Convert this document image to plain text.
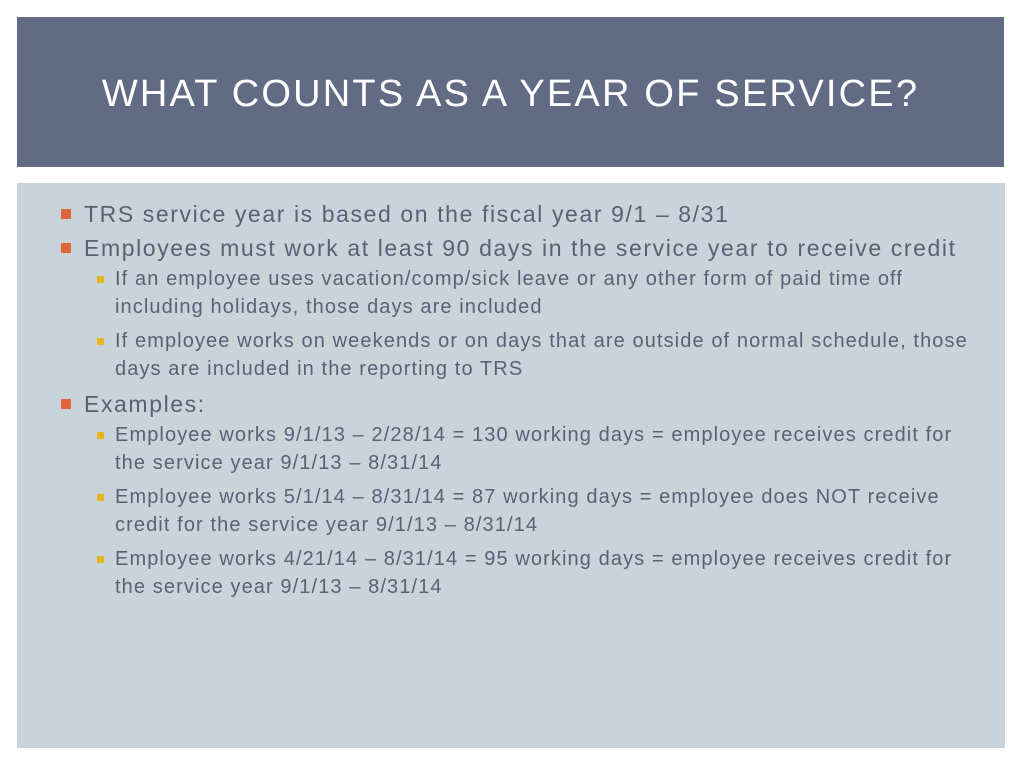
WHAT COUNTS AS A YEAR OF SERVICE?
TRS service year is based on the fiscal year 9/1 – 8/31
Employees must work at least 90 days in the service year to receive credit
If an employee uses vacation/comp/sick leave or any other form of paid time off including holidays, those days are included
If employee works on weekends or on days that are outside of normal schedule, those days are included in the reporting to TRS
Examples:
Employee works 9/1/13 – 2/28/14 = 130 working days = employee receives credit for the service year 9/1/13 – 8/31/14
Employee works 5/1/14 – 8/31/14 = 87 working days = employee does NOT receive credit for the service year 9/1/13 – 8/31/14
Employee works 4/21/14 – 8/31/14 = 95 working days = employee receives credit for the service year 9/1/13 – 8/31/14
